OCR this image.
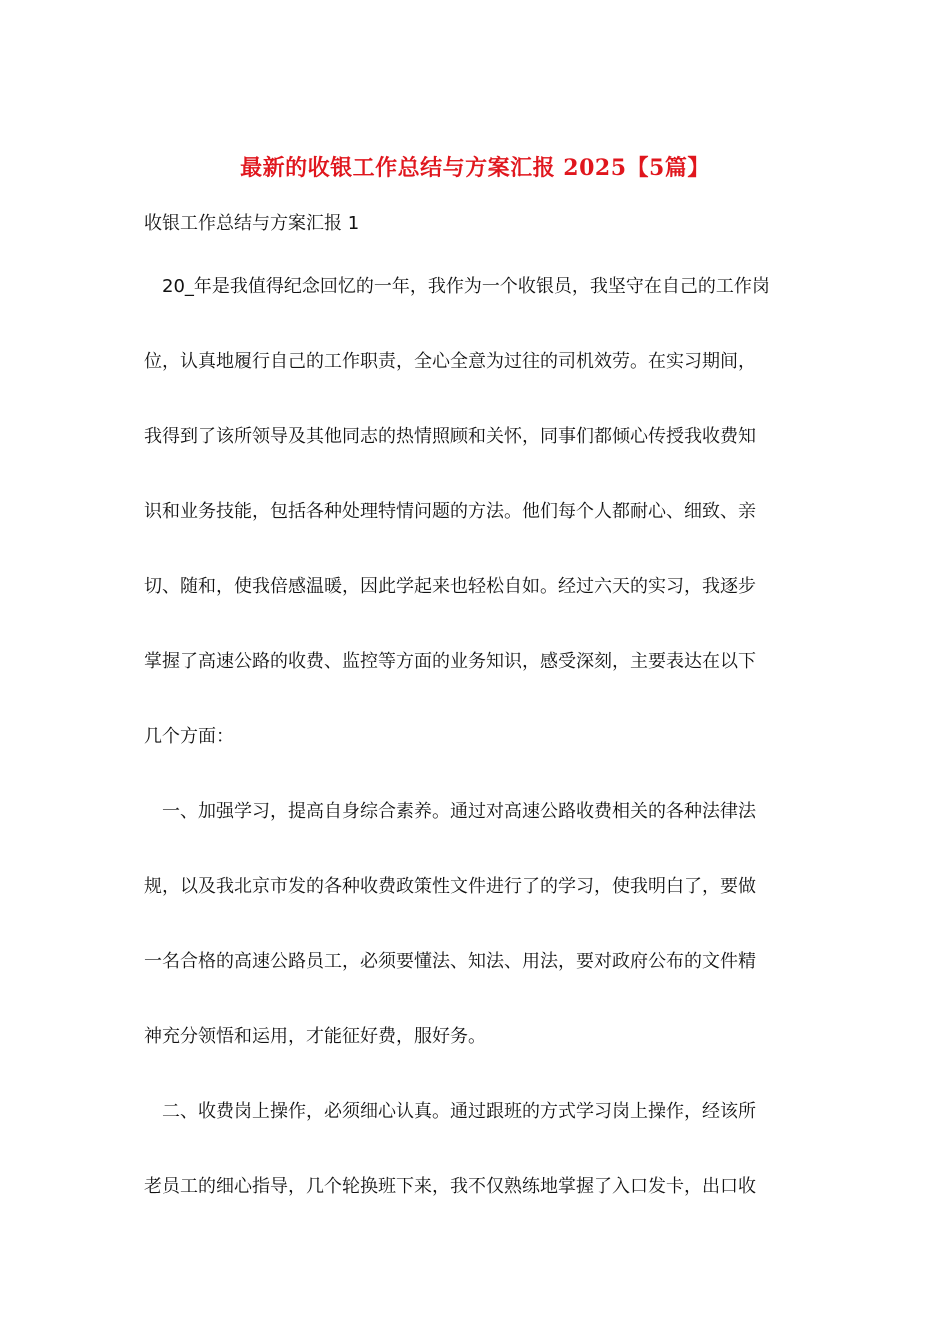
最新的收银工作总结与方案汇报 2025【5篇】
收银工作总结与方案汇报 1
20_年是我值得纪念回忆的一年，我作为一个收银员，我坚守在自己的工作岗
位，认真地履行自己的工作职责，全心全意为过往的司机效劳。在实习期间，
我得到了该所领导及其他同志的热情照顾和关怀，同事们都倾心传授我收费知
识和业务技能，包括各种处理特情问题的方法。他们每个人都耐心、细致、亲
切、随和，使我倍感温暖，因此学起来也轻松自如。经过六天的实习，我逐步
掌握了高速公路的收费、监控等方面的业务知识，感受深刻，主要表达在以下
几个方面：
一、加强学习，提高自身综合素养。通过对高速公路收费相关的各种法律法
规，以及我北京市发的各种收费政策性文件进行了的学习，使我明白了，要做
一名合格的高速公路员工，必须要懂法、知法、用法，要对政府公布的文件精
神充分领悟和运用，才能征好费，服好务。
二、收费岗上操作，必须细心认真。通过跟班的方式学习岗上操作，经该所
老员工的细心指导，几个轮换班下来，我不仅熟练地掌握了入口发卡，出口收
